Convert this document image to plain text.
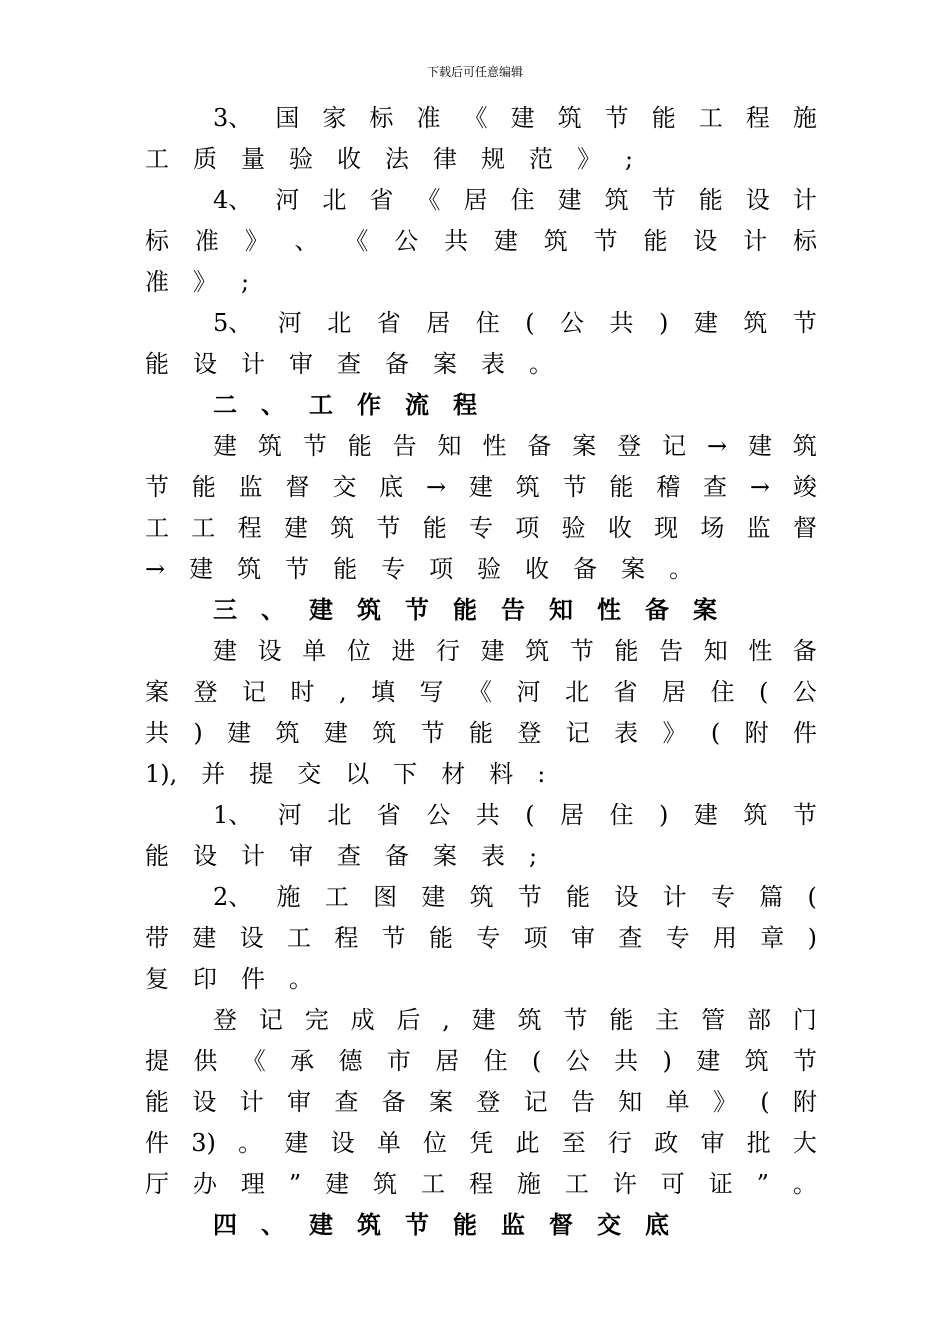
下载后可任意编辑
3、 国 家 标 准 《 建 筑 节 能 工 程 施
工 质 量 验 收 法 律 规 范 》 ;
4、 河 北 省 《 居 住 建 筑 节 能 设 计
标 准 》 、 《 公 共 建 筑 节 能 设 计 标
准 》 ;
5、 河 北 省 居 住 ( 公 共 ) 建 筑 节
能 设 计 审 查 备 案 表 。
二 、 工 作 流 程
建 筑 节 能 告 知 性 备 案 登 记 → 建 筑
节 能 监 督 交 底 → 建 筑 节 能 稽 查 → 竣
工 工 程 建 筑 节 能 专 项 验 收 现 场 监 督
→ 建 筑 节 能 专 项 验 收 备 案 。
三 、 建 筑 节 能 告 知 性 备 案
建 设 单 位 进 行 建 筑 节 能 告 知 性 备
案 登 记 时 , 填 写 《 河 北 省 居 住 ( 公
共 ) 建 筑 建 筑 节 能 登 记 表 》 ( 附 件
1), 并 提 交 以 下 材 料 :
1、 河 北 省 公 共 ( 居 住 ) 建 筑 节
能 设 计 审 查 备 案 表 ;
2、 施 工 图 建 筑 节 能 设 计 专 篇 (
带 建 设 工 程 节 能 专 项 审 查 专 用 章 )
复 印 件 。
登 记 完 成 后 , 建 筑 节 能 主 管 部 门
提 供 《 承 德 市 居 住 ( 公 共 ) 建 筑 节
能 设 计 审 查 备 案 登 记 告 知 单 》 ( 附
件 3) 。 建 设 单 位 凭 此 至 行 政 审 批 大
厅 办 理 ” 建 筑 工 程 施 工 许 可 证 ” 。
四 、 建 筑 节 能 监 督 交 底
